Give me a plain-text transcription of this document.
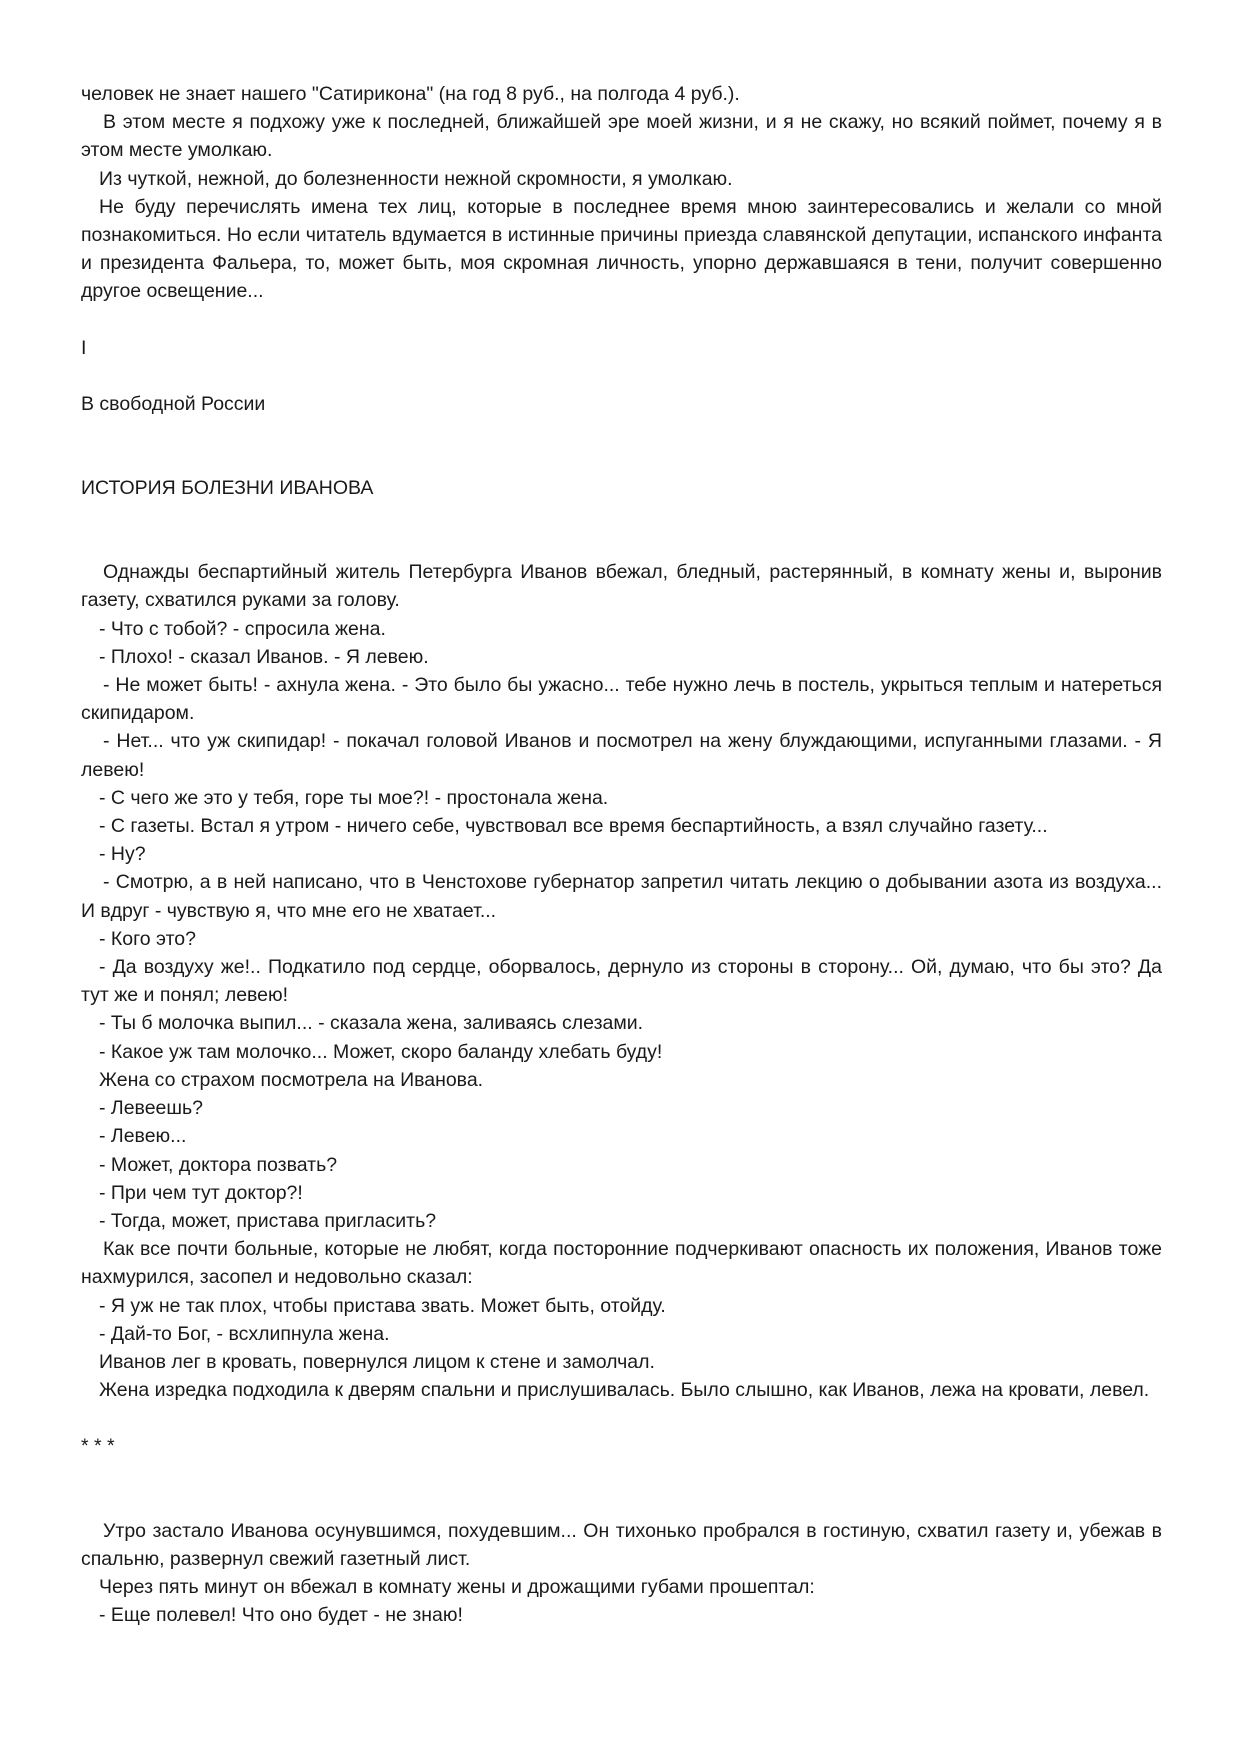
человек не знает нашего "Сатирикона" (на год 8 руб., на полгода 4 руб.).

В этом месте я подхожу уже к последней, ближайшей эре моей жизни, и я не скажу, но всякий поймет, почему я в этом месте умолкаю.

Из чуткой, нежной, до болезненности нежной скромности, я умолкаю.

Не буду перечислять имена тех лиц, которые в последнее время мною заинтересовались и желали со мной познакомиться. Но если читатель вдумается в истинные причины приезда славянской депутации, испанского инфанта и президента Фальера, то, может быть, моя скромная личность, упорно державшаяся в тени, получит совершенно другое освещение...

I

В свободной России

ИСТОРИЯ БОЛЕЗНИ ИВАНОВА

Однажды беспартийный житель Петербурга Иванов вбежал, бледный, растерянный, в комнату жены и, выронив газету, схватился руками за голову.

- Что с тобой? - спросила жена.

- Плохо! - сказал Иванов. - Я левею.

- Не может быть! - ахнула жена. - Это было бы ужасно... тебе нужно лечь в постель, укрыться теплым и натереться скипидаром.

- Нет... что уж скипидар! - покачал головой Иванов и посмотрел на жену блуждающими, испуганными глазами. - Я левею!

- С чего же это у тебя, горе ты мое?! - простонала жена.

- С газеты. Встал я утром - ничего себе, чувствовал все время беспартийность, а взял случайно газету...

- Ну?

- Смотрю, а в ней написано, что в Ченстохове губернатор запретил читать лекцию о добывании азота из воздуха... И вдруг - чувствую я, что мне его не хватает...

- Кого это?

- Да воздуху же!.. Подкатило под сердце, оборвалось, дернуло из стороны в сторону... Ой, думаю, что бы это? Да тут же и понял; левею!

- Ты б молочка выпил... - сказала жена, заливаясь слезами.

- Какое уж там молочко... Может, скоро баланду хлебать буду!

Жена со страхом посмотрела на Иванова.

- Левеешь?

- Левею...

- Может, доктора позвать?

- При чем тут доктор?!

- Тогда, может, пристава пригласить?

Как все почти больные, которые не любят, когда посторонние подчеркивают опасность их положения, Иванов тоже нахмурился, засопел и недовольно сказал:

- Я уж не так плох, чтобы пристава звать. Может быть, отойду.

- Дай-то Бог, - всхлипнула жена.

Иванов лег в кровать, повернулся лицом к стене и замолчал.

Жена изредка подходила к дверям спальни и прислушивалась. Было слышно, как Иванов, лежа на кровати, левел.

* * *

Утро застало Иванова осунувшимся, похудевшим... Он тихонько пробрался в гостиную, схватил газету и, убежав в спальню, развернул свежий газетный лист.

Через пять минут он вбежал в комнату жены и дрожащими губами прошептал:

- Еще полевел! Что оно будет - не знаю!
